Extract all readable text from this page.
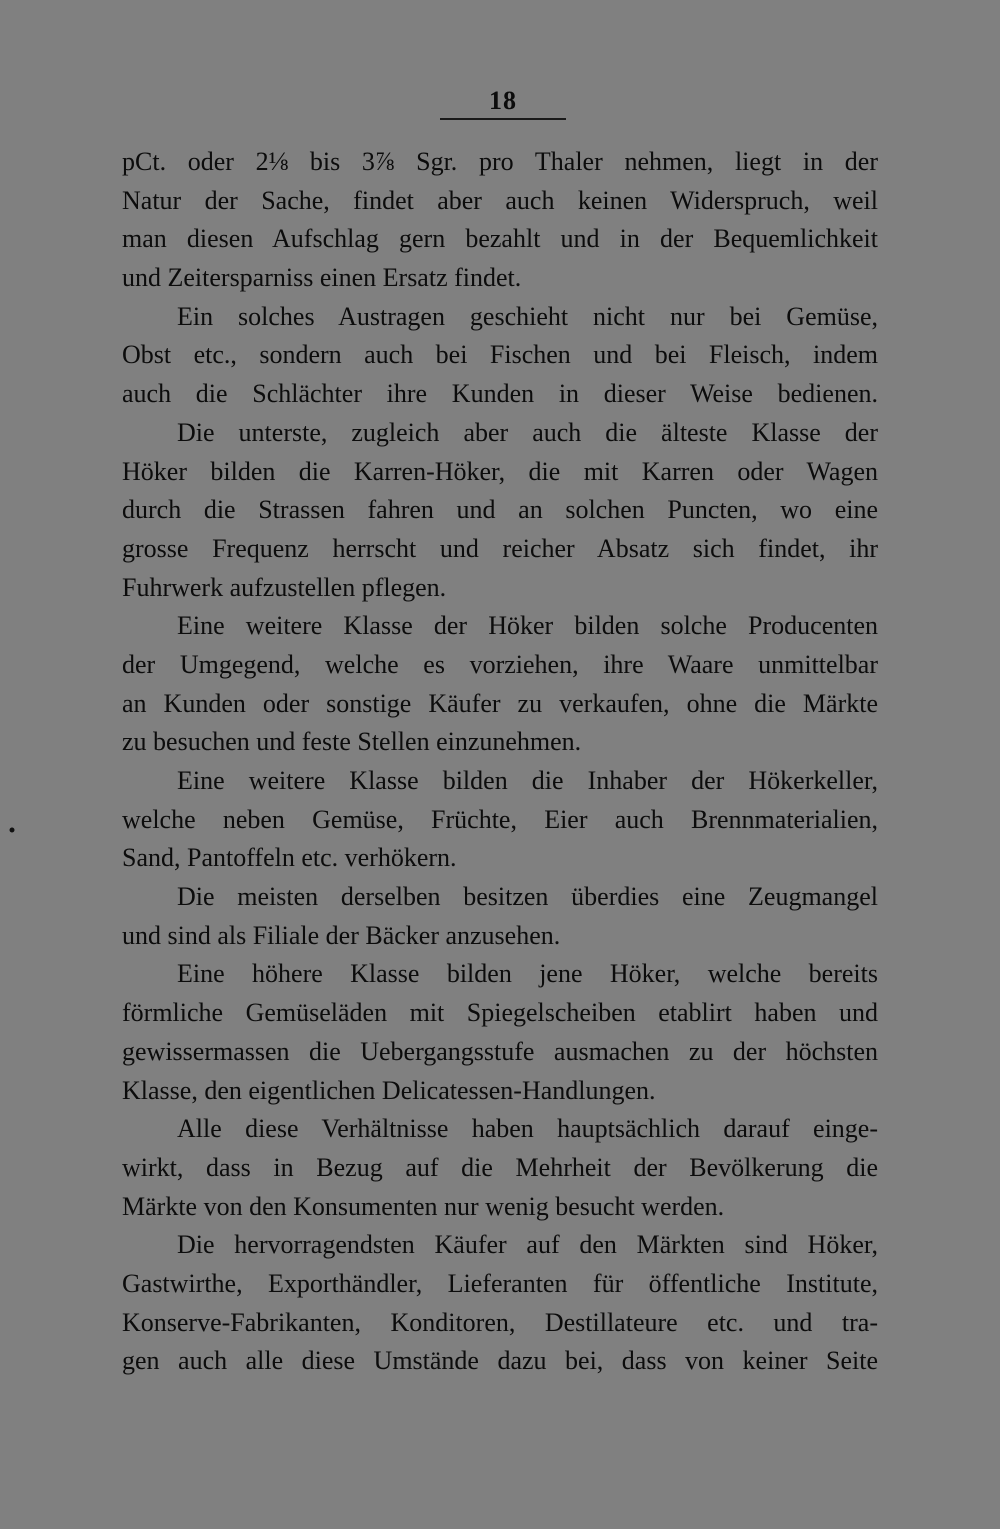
18
pCt. oder 2⅛ bis 3⅞ Sgr. pro Thaler nehmen, liegt in der
Natur der Sache, findet aber auch keinen Widerspruch, weil
man diesen Aufschlag gern bezahlt und in der Bequemlichkeit
und Zeitersparniss einen Ersatz findet.
Ein solches Austragen geschieht nicht nur bei Gemüse,
Obst etc., sondern auch bei Fischen und bei Fleisch, indem
auch die Schlächter ihre Kunden in dieser Weise bedienen.
Die unterste, zugleich aber auch die älteste Klasse der
Höker bilden die Karren-Höker, die mit Karren oder Wagen
durch die Strassen fahren und an solchen Puncten, wo eine
grosse Frequenz herrscht und reicher Absatz sich findet, ihr
Fuhrwerk aufzustellen pflegen.
Eine weitere Klasse der Höker bilden solche Producenten
der Umgegend, welche es vorziehen, ihre Waare unmittelbar
an Kunden oder sonstige Käufer zu verkaufen, ohne die Märkte
zu besuchen und feste Stellen einzunehmen.
Eine weitere Klasse bilden die Inhaber der Hökerkeller,
welche neben Gemüse, Früchte, Eier auch Brennmaterialien,
Sand, Pantoffeln etc. verhökern.
Die meisten derselben besitzen überdies eine Zeugmangel
und sind als Filiale der Bäcker anzusehen.
Eine höhere Klasse bilden jene Höker, welche bereits
förmliche Gemüseläden mit Spiegelscheiben etablirt haben und
gewissermassen die Uebergangsstufe ausmachen zu der höchsten
Klasse, den eigentlichen Delicatessen-Handlungen.
Alle diese Verhältnisse haben hauptsächlich darauf einge-
wirkt, dass in Bezug auf die Mehrheit der Bevölkerung die
Märkte von den Konsumenten nur wenig besucht werden.
Die hervorragendsten Käufer auf den Märkten sind Höker,
Gastwirthe, Exporthändler, Lieferanten für öffentliche Institute,
Konserve-Fabrikanten, Konditoren, Destillateure etc. und tra-
gen auch alle diese Umstände dazu bei, dass von keiner Seite
